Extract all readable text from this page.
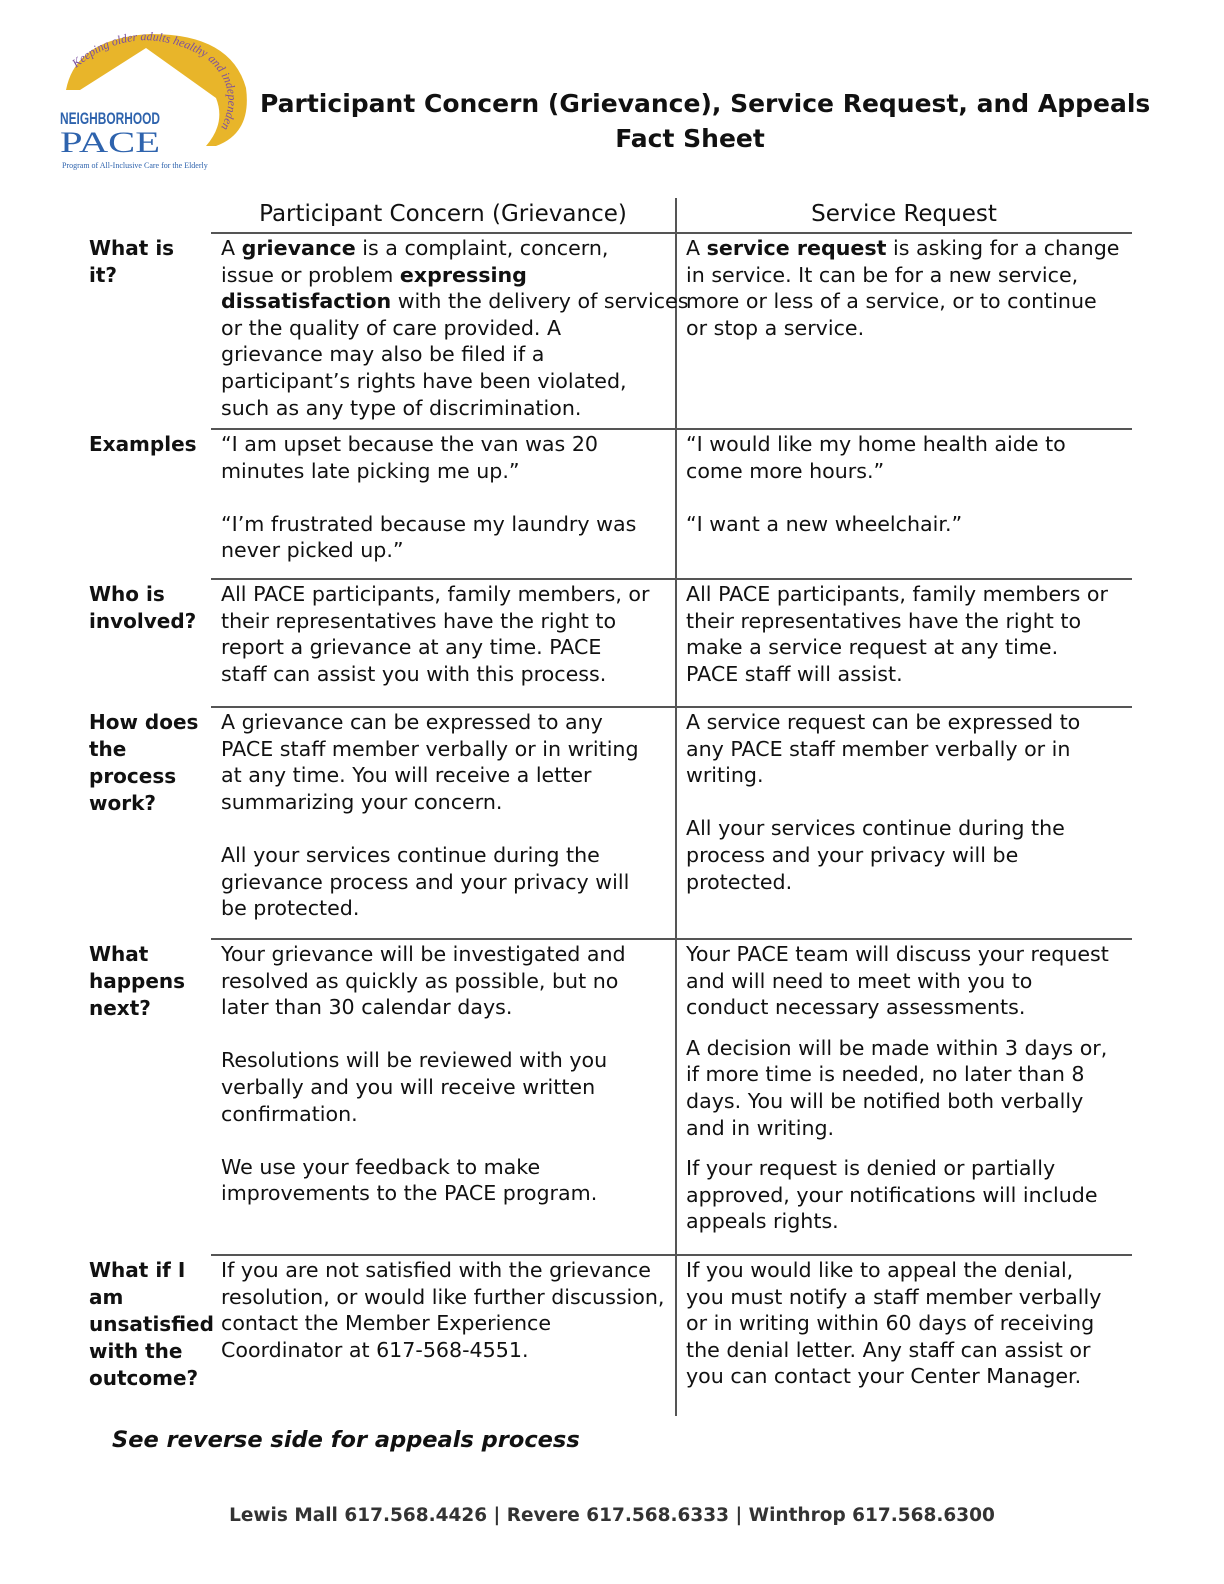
Keeping older adults healthy and independen
NEIGHBORHOOD
PACE
Program of All-Inclusive Care for the Elderly
Participant Concern (Grievance), Service Request, and Appeals
Fact Sheet
Participant Concern (Grievance)	Service Request
What is it?

A grievance is a complaint, concern,

issue or problem expressing

dissatisfaction with the delivery of services

or the quality of care provided. A

grievance may also be filed if a

participant’s rights have been violated,

such as any type of discrimination.

A service request is asking for a change

in service. It can be for a new service,

more or less of a service, or to continue

or stop a service.

Examples	“I am upset because the van was 20

minutes late picking me up.”

“I’m frustrated because my laundry was

never picked up.”

“I would like my home health aide to

come more hours.”

“I want a new wheelchair.”

Who is
involved?

All PACE participants, family members, or

their representatives have the right to

report a grievance at any time. PACE

staff can assist you with this process.

All PACE participants, family members or

their representatives have the right to

make a service request at any time.

PACE staff will assist.

How does
the
process
work?

A grievance can be expressed to any

PACE staff member verbally or in writing

at any time. You will receive a letter

summarizing your concern.

All your services continue during the

grievance process and your privacy will

be protected.

A service request can be expressed to

any PACE staff member verbally or in

writing.

All your services continue during the

process and your privacy will be

protected.

What
happens
next?

Your grievance will be investigated and

resolved as quickly as possible, but no

later than 30 calendar days.

Resolutions will be reviewed with you

verbally and you will receive written

confirmation.

We use your feedback to make

improvements to the PACE program.

Your PACE team will discuss your request

and will need to meet with you to

conduct necessary assessments.

A decision will be made within 3 days or,

if more time is needed, no later than 8

days. You will be notified both verbally

and in writing.

If your request is denied or partially

approved, your notifications will include

appeals rights.

What if I
am
unsatisfied
with the
outcome?

If you are not satisfied with the grievance

resolution, or would like further discussion,

contact the Member Experience

Coordinator at 617-568-4551.

If you would like to appeal the denial,

you must notify a staff member verbally

or in writing within 60 days of receiving

the denial letter. Any staff can assist or

you can contact your Center Manager.

See reverse side for appeals process
Lewis Mall 617.568.4426 | Revere 617.568.6333 | Winthrop 617.568.6300
